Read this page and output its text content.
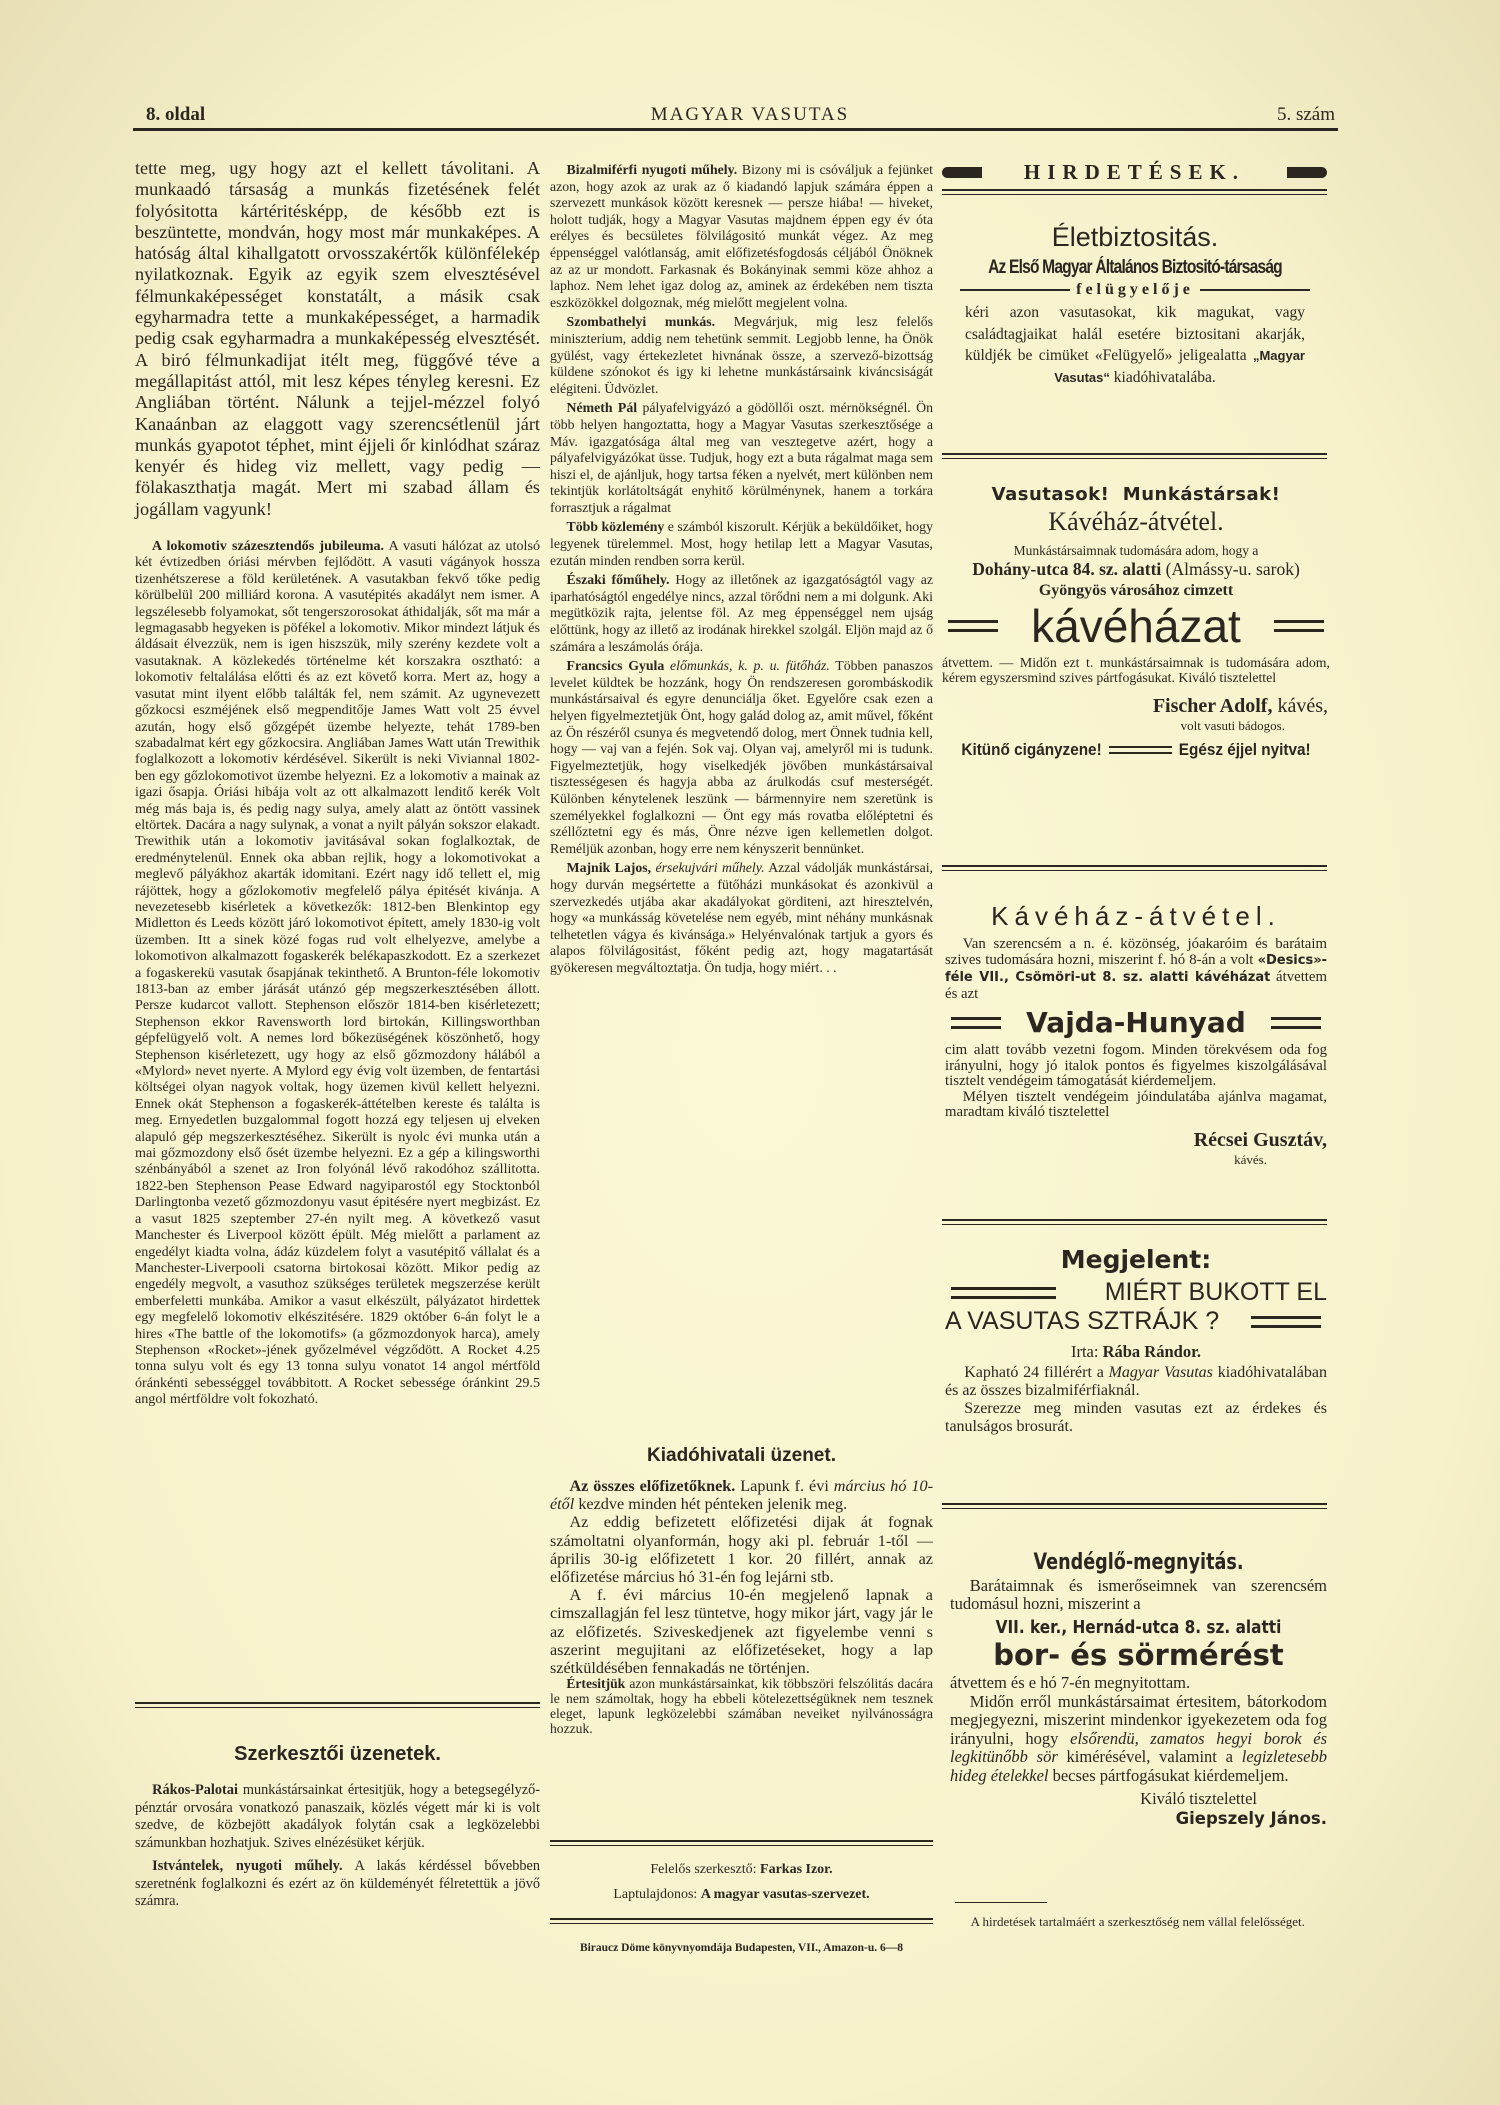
8. oldal	MAGYAR VASUTAS	5. szám

tette meg, ugy hogy azt el kellett távolitani. A munkaadó társaság a munkás fizetésének felét folyósitotta kártéritésképp, de később ezt is beszüntette, mondván, hogy most már munkaképes. A hatóság által kihallgatott orvosszakértők különfélekép nyilatkoznak. Egyik az egyik szem elvesztésével félmunkaképességet konstatált, a másik csak egyharmadra tette a munkaképességet, a harmadik pedig csak egyharmadra a munkaképesség elvesztését. A biró félmunkadijat itélt meg, függővé téve a megállapitást attól, mit lesz képes tényleg keresni. Ez Angliában történt. Nálunk a tejjel-mézzel folyó Kanaánban az elaggott vagy szerencsétlenül járt munkás gyapotot téphet, mint éjjeli őr kinlódhat száraz kenyér és hideg viz mellett, vagy pedig — fölakaszthatja magát. Mert mi szabad állam és jogállam vagyunk!

A lokomotiv százesztendős jubileuma. A vasuti hálózat az utolsó két évtizedben óriási mérvben fejlődött. A vasuti vágányok hossza tizenhétszerese a föld kerületének. A vasutakban fekvő tőke pedig körülbelül 200 milliárd korona. A vasutépités akadályt nem ismer. A legszélesebb folyamokat, sőt tengerszorosokat áthidalják, sőt ma már a legmagasabb hegyeken is pöfékel a lokomotiv. Mikor mindezt látjuk és áldásait élvezzük, nem is igen hiszszük, mily szerény kezdete volt a vasutaknak. A közlekedés történelme két korszakra osztható: a lokomotiv feltalálása előtti és az ezt követő korra. Mert az, hogy a vasutat mint ilyent előbb találták fel, nem számit. Az ugynevezett gőzkocsi eszméjének első megpenditője James Watt volt 25 évvel azután, hogy első gőzgépét üzembe helyezte, tehát 1789-ben szabadalmat kért egy gőzkocsira. Angliában James Watt után Trewithik foglalkozott a lokomotiv kérdésével. Sikerült is neki Viviannal 1802-ben egy gőzlokomotivot üzembe helyezni. Ez a lokomotiv a mainak az igazi ősapja. Óriási hibája volt az ott alkalmazott lenditő kerék Volt még más baja is, és pedig nagy sulya, amely alatt az öntött vassinek eltörtek. Dacára a nagy sulynak, a vonat a nyilt pályán sokszor elakadt. Trewithik után a lokomotiv javitásával sokan foglalkoztak, de eredménytelenül. Ennek oka abban rejlik, hogy a lokomotivokat a meglevő pályákhoz akarták idomitani. Ezért nagy idő tellett el, mig rájöttek, hogy a gőzlokomotiv megfelelő pálya épitését kivánja. A nevezetesebb kisérletek a következők: 1812-ben Blenkintop egy Midletton és Leeds között járó lokomotivot épitett, amely 1830-ig volt üzemben. Itt a sinek közé fogas rud volt elhelyezve, amelybe a lokomotivon alkalmazott fogaskerék belékapaszkodott. Ez a szerkezet a fogaskerekü vasutak ősapjának tekinthető. A Brunton-féle lokomotiv 1813-ban az ember járását utánzó gép megszerkesztésében állott. Persze kudarcot vallott. Stephenson először 1814-ben kisérletezett; Stephenson ekkor Ravensworth lord birtokán, Killingsworthban gépfelügyelő volt. A nemes lord bőkezüségének köszönhető, hogy Stephenson kisérletezett, ugy hogy az első gőzmozdony hálából a «Mylord» nevet nyerte. A Mylord egy évig volt üzemben, de fentartási költségei olyan nagyok voltak, hogy üzemen kivül kellett helyezni. Ennek okát Stephenson a fogaskerék-áttételben kereste és találta is meg. Ernyedetlen buzgalommal fogott hozzá egy teljesen uj elveken alapuló gép megszerkesztéséhez. Sikerült is nyolc évi munka után a mai gőzmozdony első ősét üzembe helyezni. Ez a gép a kilingsworthi szénbányából a szenet az Iron folyónál lévő rakodóhoz szállitotta. 1822-ben Stephenson Pease Edward nagyiparostól egy Stocktonból Darlingtonba vezető gőzmozdonyu vasut épitésére nyert megbizást. Ez a vasut 1825 szeptember 27-én nyilt meg. A következő vasut Manchester és Liverpool között épült. Még mielőtt a parlament az engedélyt kiadta volna, ádáz küzdelem folyt a vasutépitő vállalat és a Manchester-Liverpooli csatorna birtokosai között. Mikor pedig az engedély megvolt, a vasuthoz szükséges területek megszerzése került emberfeletti munkába. Amikor a vasut elkészült, pályázatot hirdettek egy megfelelő lokomotiv elkészitésére. 1829 október 6-án folyt le a hires «The battle of the lokomotifs» (a gőzmozdonyok harca), amely Stephenson «Rocket»-jének győzelmével végződött. A Rocket 4.25 tonna sulyu volt és egy 13 tonna sulyu vonatot 14 angol mértföld óránkénti sebességgel továbbitott. A Rocket sebessége óránkint 29.5 angol mértföldre volt fokozható.

Szerkesztői üzenetek.

Rákos-Palotai munkástársainkat értesitjük, hogy a betegsegélyző-pénztár orvosára vonatkozó panaszaik, közlés végett már ki is volt szedve, de közbejött akadályok folytán csak a legközelebbi számunkban hozhatjuk. Szives elnézésüket kérjük.

Istvántelek, nyugoti műhely. A lakás kérdéssel bővebben szeretnénk foglalkozni és ezért az ön küldeményét félretettük a jövő számra.

Bizalmiférfi nyugoti műhely. Bizony mi is csóváljuk a fejünket azon, hogy azok az urak az ő kiadandó lapjuk számára éppen a szervezett munkások között keresnek — persze hiába! — hiveket, holott tudják, hogy a Magyar Vasutas majdnem éppen egy év óta erélyes és becsületes fölvilágositó munkát végez. Az meg éppenséggel valótlanság, amit előfizetésfogdosás céljából Önöknek az az ur mondott. Farkasnak és Bokányinak semmi köze ahhoz a laphoz. Nem lehet igaz dolog az, aminek az érdekében nem tiszta eszközökkel dolgoznak, még mielőtt megjelent volna.

Szombathelyi munkás. Megvárjuk, mig lesz felelős miniszterium, addig nem tehetünk semmit. Legjobb lenne, ha Önök gyülést, vagy értekezletet hivnának össze, a szervező-bizottság küldene szónokot és igy ki lehetne munkástársaink kiváncsiságát elégiteni. Üdvözlet.

Németh Pál pályafelvigyázó a gödöllői oszt. mérnökségnél. Ön több helyen hangoztatta, hogy a Magyar Vasutas szerkesztősége a Máv. igazgatósága által meg van vesztegetve azért, hogy a pályafelvigyázókat üsse. Tudjuk, hogy ezt a buta rágalmat maga sem hiszi el, de ajánljuk, hogy tartsa féken a nyelvét, mert különben nem tekintjük korlátoltságát enyhitő körülménynek, hanem a torkára forrasztjuk a rágalmat

Több közlemény e számból kiszorult. Kérjük a beküldőiket, hogy legyenek türelemmel. Most, hogy hetilap lett a Magyar Vasutas, ezután minden rendben sorra kerül.

Északi főműhely. Hogy az illetőnek az igazgatóságtól vagy az iparhatóságtól engedélye nincs, azzal törődni nem a mi dolgunk. Aki megütközik rajta, jelentse föl. Az meg éppenséggel nem ujság előttünk, hogy az illető az irodának hirekkel szolgál. Eljön majd az ő számára a leszámolás órája.

Francsics Gyula előmunkás, k. p. u. fütőház. Többen panaszos levelet küldtek be hozzánk, hogy Ön rendszeresen gorombáskodik munkástársaival és egyre denunciálja őket. Egyelőre csak ezen a helyen figyelmeztetjük Önt, hogy galád dolog az, amit művel, főként az Ön részéről csunya és megvetendő dolog, mert Önnek tudnia kell, hogy — vaj van a fején. Sok vaj. Olyan vaj, amelyről mi is tudunk. Figyelmeztetjük, hogy viselkedjék jövőben munkástársaival tisztességesen és hagyja abba az árulkodás csuf mesterségét. Különben kénytelenek leszünk — bármennyire nem szeretünk is személyekkel foglalkozni — Önt egy más rovatba előléptetni és széllőztetni egy és más, Önre nézve igen kellemetlen dolgot. Reméljük azonban, hogy erre nem kényszerit bennünket.

Majnik Lajos, érsekujvári műhely. Azzal vádolják munkástársai, hogy durván megsértette a fütőházi munkásokat és azonkivül a szervezkedés utjába akar akadályokat görditeni, azt hiresztelvén, hogy «a munkásság követelése nem egyéb, mint néhány munkásnak telhetetlen vágya és kivánsága.» Helyénvalónak tartjuk a gyors és alapos fölvilágositást, főként pedig azt, hogy magatartását gyökeresen megváltoztatja. Ön tudja, hogy miért. . .

Kiadóhivatali üzenet.

Az összes előfizetőknek. Lapunk f. évi március hó 10-étől kezdve minden hét pénteken jelenik meg.

Az eddig befizetett előfizetési dijak át fognak számoltatni olyanformán, hogy aki pl. február 1-től — április 30-ig előfizetett 1 kor. 20 fillért, annak az előfizetése március hó 31-én fog lejárni stb.

A f. évi március 10-én megjelenő lapnak a cimszallagján fel lesz tüntetve, hogy mikor járt, vagy jár le az előfizetés. Sziveskedjenek azt figyelembe venni s aszerint megujitani az előfizetéseket, hogy a lap szétküldésében fennakadás ne történjen.

Értesitjük azon munkástársainkat, kik többszöri felszólitás dacára le nem számoltak, hogy ha ebbeli kötelezettségüknek nem tesznek eleget, lapunk legközelebbi számában neveiket nyilvánosságra hozzuk.

Felelős szerkesztő: Farkas Izor.
Laptulajdonos: A magyar vasutas-szervezet.
Biraucz Döme könyvnyomdája Budapesten, VII., Amazon-u. 6—8
HIRDETÉSEK.
Életbiztositás.
Az Első Magyar Általános Biztositó-társaság
felügyelője

kéri azon vasutasokat, kik magukat, vagy családtagjaikat halál esetére biztositani akarják, küldjék be cimüket «Felügyelő» jeligealatta „Magyar Vasutas“ kiadóhivatalába.

Vasutasok!  Munkástársak!
Kávéház-átvétel.
Munkástársaimnak tudomására adom, hogy a
Dohány-utca 84. sz. alatti (Almássy-u. sarok)
Gyöngyös városához cimzett
kávéházat

átvettem. — Midőn ezt t. munkástársaimnak is tudomására adom, kérem egyszersmind szives pártfogásukat. Kiváló tisztelettel

Fischer Adolf, kávés,
volt vasuti bádogos.
Kitünő cigányzene!	Egész éjjel nyitva!
Kávéház-átvétel.

Van szerencsém a n. é. közönség, jóakaróim és barátaim szives tudomására hozni, miszerint f. hó 8-án a volt «Desics»-féle VII., Csömöri-ut 8. sz. alatti kávéházat átvettem és azt

Vajda-Hunyad

cim alatt tovább vezetni fogom. Minden törekvésem oda fog irányulni, hogy jó italok pontos és figyelmes kiszolgálásával tisztelt vendégeim támogatását kiérdemeljem.

Mélyen tisztelt vendégeim jóindulatába ajánlva magamat, maradtam kiváló tisztelettel

Récsei Gusztáv,
kávés.
Megjelent:
MIÉRT BUKOTT EL
A VASUTAS SZTRÁJK ?
Irta: Rába Rándor.

Kapható 24 fillérért a Magyar Vasutas kiadóhivatalában és az összes bizalmiférfiaknál.

Szerezze meg minden vasutas ezt az érdekes és tanulságos brosurát.

Vendéglő-megnyitás.

Barátaimnak és ismerőseimnek van szerencsém tudomásul hozni, miszerint a

VII. ker., Hernád-utca 8. sz. alatti
bor- és sörmérést

átvettem és e hó 7-én megnyitottam.

Midőn erről munkástársaimat értesitem, bátorkodom megjegyezni, miszerint mindenkor igyekezetem oda fog irányulni, hogy elsőrendü, zamatos hegyi borok és legkitünőbb sör kimérésével, valamint a legizletesebb hideg ételekkel becses pártfogásukat kiérdemeljem.

Kiváló tisztelettel
Giepszely János.

A hirdetések tartalmáért a szerkesztőség nem vállal felelősséget.
